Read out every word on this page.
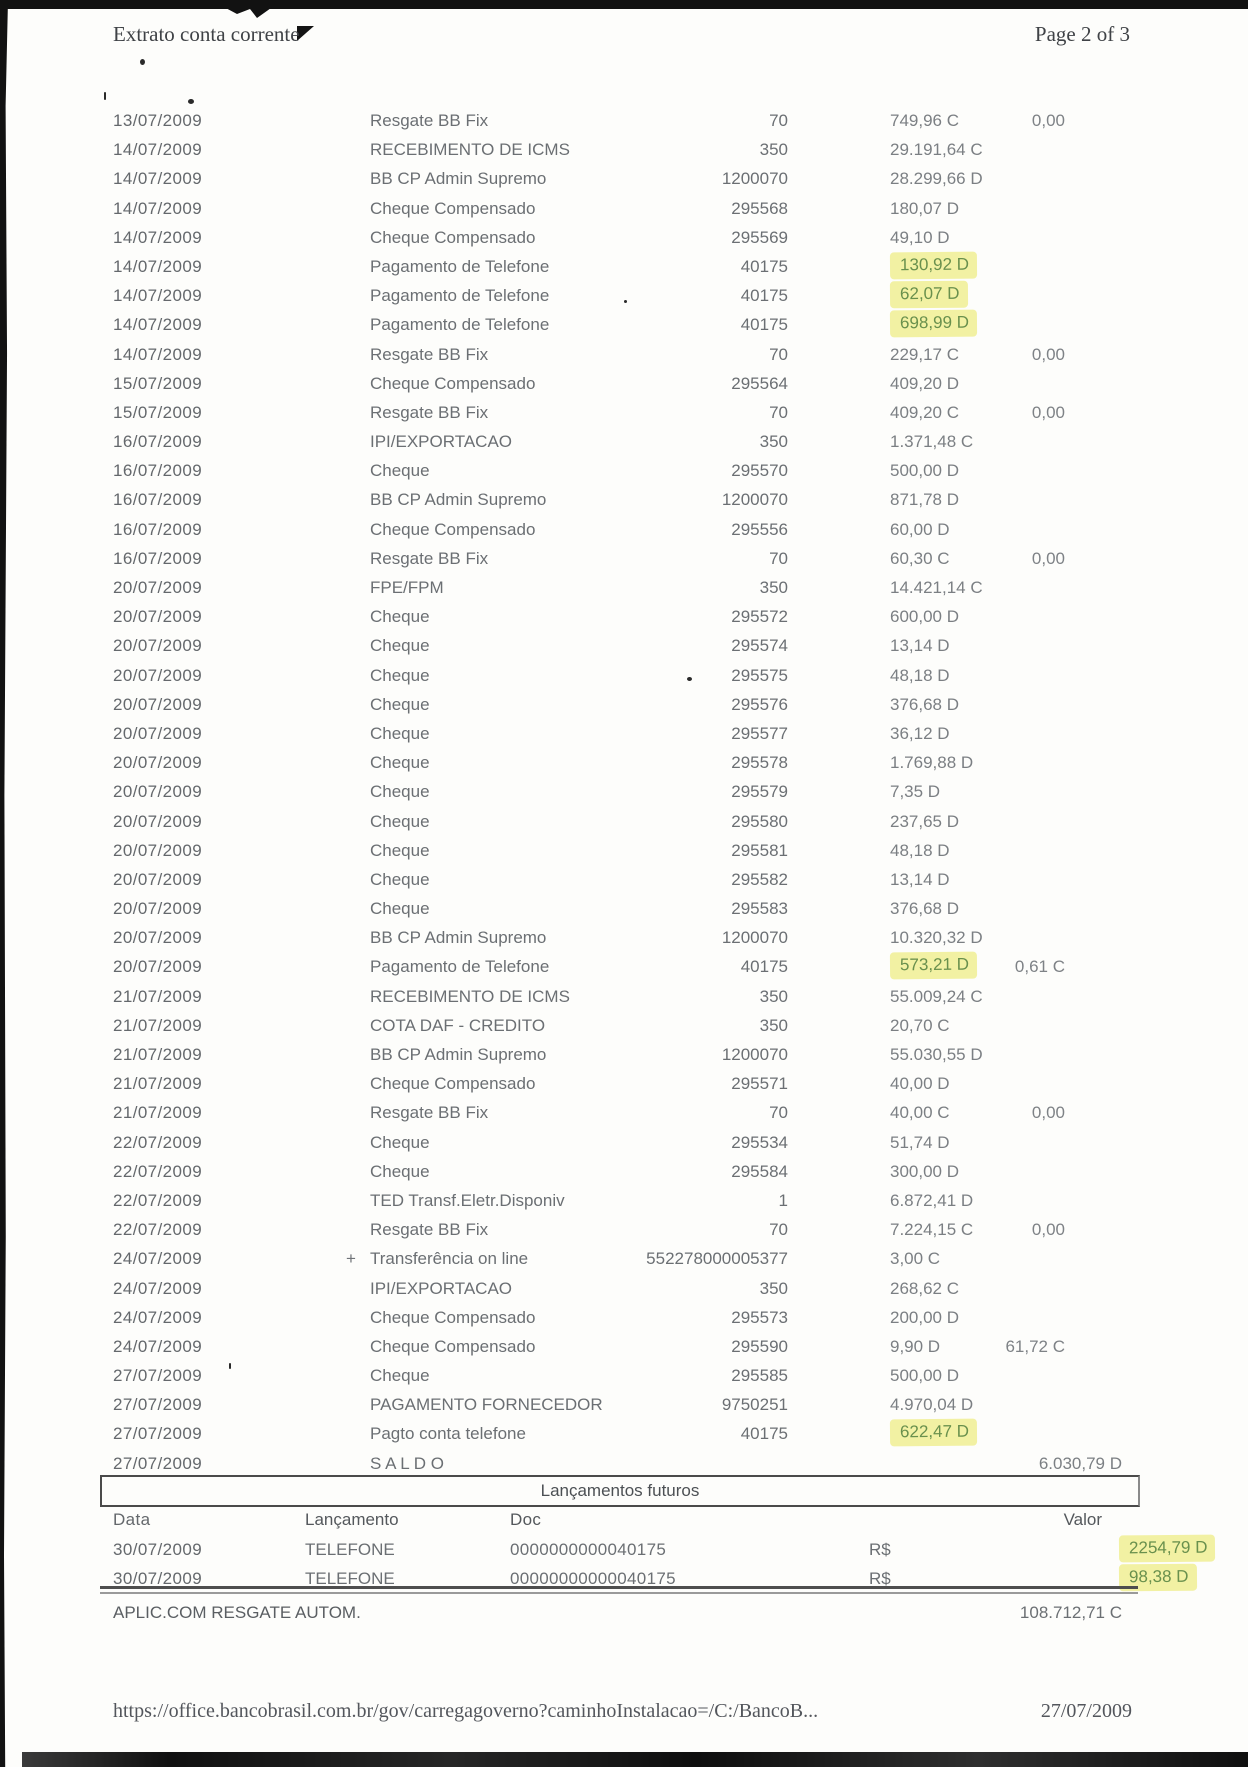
Extrato conta corrente	Page 2 of 3
13/07/2009	Resgate BB Fix	70	749,96 C	0,00
14/07/2009	RECEBIMENTO DE ICMS	350	29.191,64 C
14/07/2009	BB CP Admin Supremo	1200070	28.299,66 D
14/07/2009	Cheque Compensado	295568	180,07 D
14/07/2009	Cheque Compensado	295569	49,10 D
14/07/2009	Pagamento de Telefone	40175	130,92 D
14/07/2009	Pagamento de Telefone	40175	62,07 D
14/07/2009	Pagamento de Telefone	40175	698,99 D
14/07/2009	Resgate BB Fix	70	229,17 C	0,00
15/07/2009	Cheque Compensado	295564	409,20 D
15/07/2009	Resgate BB Fix	70	409,20 C	0,00
16/07/2009	IPI/EXPORTACAO	350	1.371,48 C
16/07/2009	Cheque	295570	500,00 D
16/07/2009	BB CP Admin Supremo	1200070	871,78 D
16/07/2009	Cheque Compensado	295556	60,00 D
16/07/2009	Resgate BB Fix	70	60,30 C	0,00
20/07/2009	FPE/FPM	350	14.421,14 C
20/07/2009	Cheque	295572	600,00 D
20/07/2009	Cheque	295574	13,14 D
20/07/2009	Cheque	295575	48,18 D
20/07/2009	Cheque	295576	376,68 D
20/07/2009	Cheque	295577	36,12 D
20/07/2009	Cheque	295578	1.769,88 D
20/07/2009	Cheque	295579	7,35 D
20/07/2009	Cheque	295580	237,65 D
20/07/2009	Cheque	295581	48,18 D
20/07/2009	Cheque	295582	13,14 D
20/07/2009	Cheque	295583	376,68 D
20/07/2009	BB CP Admin Supremo	1200070	10.320,32 D
20/07/2009	Pagamento de Telefone	40175	573,21 D	0,61 C
21/07/2009	RECEBIMENTO DE ICMS	350	55.009,24 C
21/07/2009	COTA DAF - CREDITO	350	20,70 C
21/07/2009	BB CP Admin Supremo	1200070	55.030,55 D
21/07/2009	Cheque Compensado	295571	40,00 D
21/07/2009	Resgate BB Fix	70	40,00 C	0,00
22/07/2009	Cheque	295534	51,74 D
22/07/2009	Cheque	295584	300,00 D
22/07/2009	TED Transf.Eletr.Disponiv	1	6.872,41 D
22/07/2009	Resgate BB Fix	70	7.224,15 C	0,00
24/07/2009	+ Transferência on line	552278000005377	3,00 C
24/07/2009	IPI/EXPORTACAO	350	268,62 C
24/07/2009	Cheque Compensado	295573	200,00 D
24/07/2009	Cheque Compensado	295590	9,90 D	61,72 C
27/07/2009	Cheque	295585	500,00 D
27/07/2009	PAGAMENTO FORNECEDOR	9750251	4.970,04 D
27/07/2009	Pagto conta telefone	40175	622,47 D
27/07/2009	S A L D O	6.030,79 D
Lançamentos futuros
Data	Lançamento	Doc	Valor
30/07/2009	TELEFONE	0000000000040175	R$	2254,79 D
30/07/2009	TELEFONE	00000000000040175	R$	98,38 D
APLIC.COM RESGATE AUTOM.	108.712,71 C
https://office.bancobrasil.com.br/gov/carregagoverno?caminhoInstalacao=/C:/BancoB...	27/07/2009
